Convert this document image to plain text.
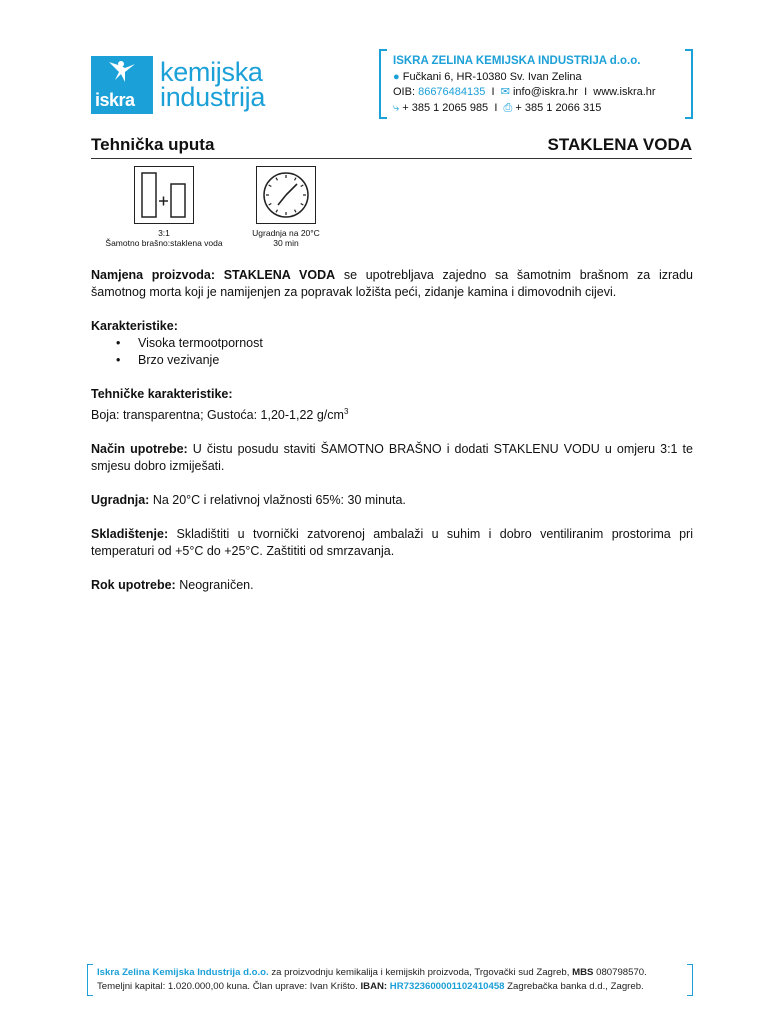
iskra
kemijska
industrija
ISKRA ZELINA KEMIJSKA INDUSTRIJA d.o.o.
● Fučkani 6, HR-10380 Sv. Ivan Zelina
OIB: 86676484135 I ✉ info@iskra.hr I www.iskra.hr
⤷ + 385 1 2065 985 I ⎙ + 385 1 2066 315
Tehnička uputa	STAKLENA VODA
3:1
Šamotno brašno:staklena voda
Ugradnja na 20°C
30 min

Namjena proizvoda: STAKLENA VODA se upotrebljava zajedno sa šamotnim brašnom za izradu šamotnog morta koji je namijenjen za popravak ložišta peći, zidanje kamina i dimovodnih cijevi.

Karakteristike:
• Visoka termootpornost
• Brzo vezivanje

Tehničke karakteristike:
Boja: transparentna; Gustoća: 1,20-1,22 $g/cm^3$

Način upotrebe: U čistu posudu staviti ŠAMOTNO BRAŠNO i dodati STAKLENU VODU u omjeru 3:1 te smjesu dobro izmiješati.

Ugradnja: Na 20°C i relativnoj vlažnosti 65%: 30 minuta.

Skladištenje: Skladištiti u tvornički zatvorenoj ambalaži u suhim i dobro ventiliranim prostorima pri temperaturi od +5°C do +25°C. Zaštititi od smrzavanja.

Rok upotrebe: Neograničen.

Iskra Zelina Kemijska Industrija d.o.o. za proizvodnju kemikalija i kemijskih proizvoda, Trgovački sud Zagreb, MBS 080798570.
Temeljni kapital: 1.020.000,00 kuna. Član uprave: Ivan Krišto. IBAN: HR7323600001102410458 Zagrebačka banka d.d., Zagreb.
